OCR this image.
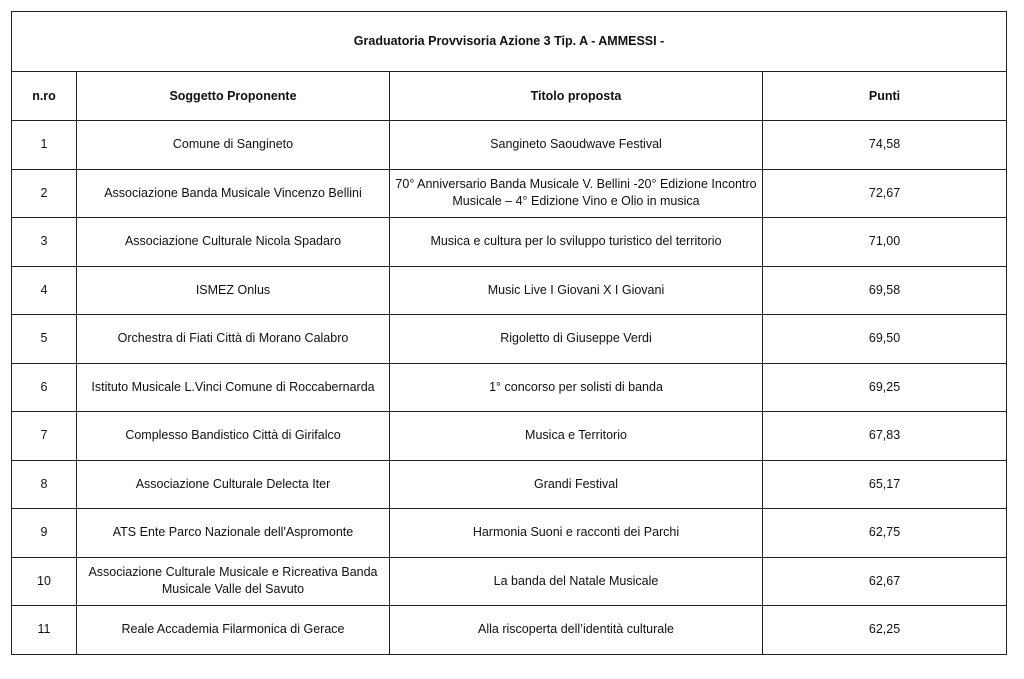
Graduatoria Provvisoria Azione 3 Tip. A - AMMESSI -			
n.ro	Soggetto Proponente	Titolo proposta	Punti
1	Comune di Sangineto	Sangineto Saoudwave Festival	74,58
2	Associazione Banda Musicale Vincenzo Bellini	70° Anniversario Banda Musicale V. Bellini -20° Edizione Incontro Musicale – 4° Edizione Vino e Olio in musica	72,67
3	Associazione Culturale Nicola Spadaro	Musica e cultura per lo sviluppo turistico del territorio	71,00
4	ISMEZ Onlus	Music Live I Giovani X I Giovani	69,58
5	Orchestra di Fiati Città di Morano Calabro	Rigoletto di Giuseppe Verdi	69,50
6	Istituto Musicale L.Vinci Comune di Roccabernarda	1° concorso per solisti di banda	69,25
7	Complesso Bandistico Città di Girifalco	Musica e Territorio	67,83
8	Associazione Culturale Delecta Iter	Grandi Festival	65,17
9	ATS Ente Parco Nazionale dell'Aspromonte	Harmonia Suoni e racconti dei Parchi	62,75
10	Associazione Culturale Musicale e Ricreativa Banda Musicale Valle del Savuto	La banda del Natale Musicale	62,67
11	Reale Accademia Filarmonica di Gerace	Alla riscoperta dell’identità culturale	62,25
